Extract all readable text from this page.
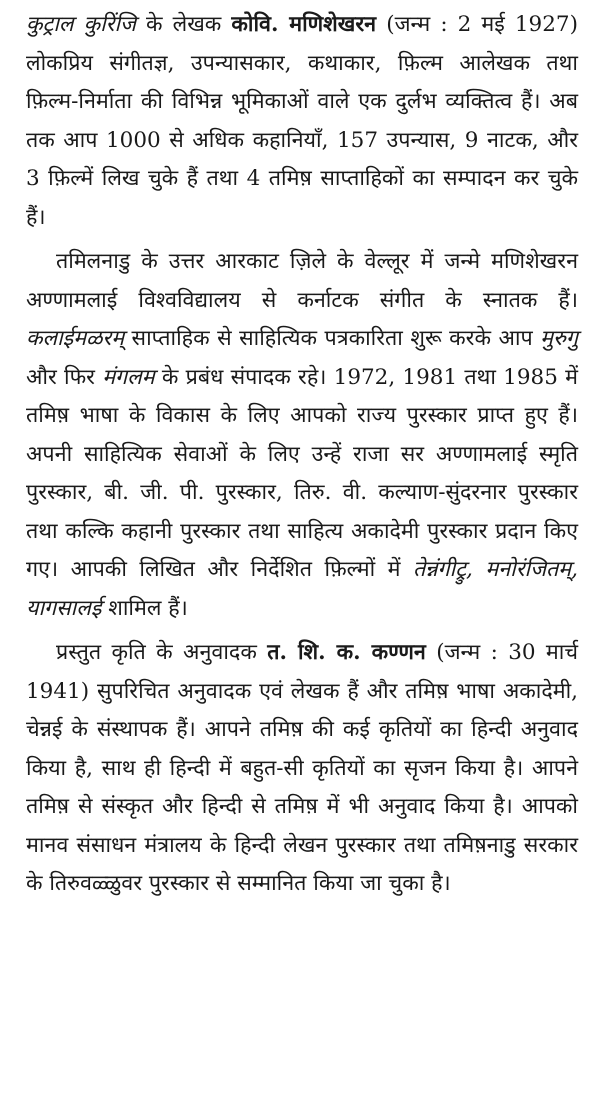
कुट्राल कुरिंजि के लेखक कोवि. मणिशेखरन (जन्म : 2 मई 1927) लोकप्रिय संगीतज्ञ, उपन्यासकार, कथाकार, फ़िल्म आलेखक तथा फ़िल्म-निर्माता की विभिन्न भूमिकाओं वाले एक दुर्लभ व्यक्तित्व हैं। अब तक आप 1000 से अधिक कहानियाँ, 157 उपन्यास, 9 नाटक, और 3 फ़िल्में लिख चुके हैं तथा 4 तमिष़ साप्ताहिकों का सम्पादन कर चुके हैं।

तमिलनाडु के उत्तर आरकाट ज़िले के वेल्लूर में जन्मे मणिशेखरन अण्णामलाई विश्वविद्यालय से कर्नाटक संगीत के स्नातक हैं। कलाईमळरम् साप्ताहिक से साहित्यिक पत्रकारिता शुरू करके आप मुरुगु और फिर मंगलम के प्रबंध संपादक रहे। 1972, 1981 तथा 1985 में तमिष़ भाषा के विकास के लिए आपको राज्य पुरस्कार प्राप्त हुए हैं। अपनी साहित्यिक सेवाओं के लिए उन्हें राजा सर अण्णामलाई स्मृति पुरस्कार, बी. जी. पी. पुरस्कार, तिरु. वी. कल्याण-सुंदरनार पुरस्कार तथा कल्कि कहानी पुरस्कार तथा साहित्य अकादेमी पुरस्कार प्रदान किए गए। आपकी लिखित और निर्देशित फ़िल्मों में तेन्नंगीट्रु, मनोरंजितम्, यागसालई शामिल हैं।

प्रस्तुत कृति के अनुवादक त. शि. क. कण्णन (जन्म : 30 मार्च 1941) सुपरिचित अनुवादक एवं लेखक हैं और तमिष़ भाषा अकादेमी, चेन्नई के संस्थापक हैं। आपने तमिष़ की कई कृतियों का हिन्दी अनुवाद किया है, साथ ही हिन्दी में बहुत-सी कृतियों का सृजन किया है। आपने तमिष़ से संस्कृत और हिन्दी से तमिष़ में भी अनुवाद किया है। आपको मानव संसाधन मंत्रालय के हिन्दी लेखन पुरस्कार तथा तमिष़नाडु सरकार के तिरुवळ्ळुवर पुरस्कार से सम्मानित किया जा चुका है।
